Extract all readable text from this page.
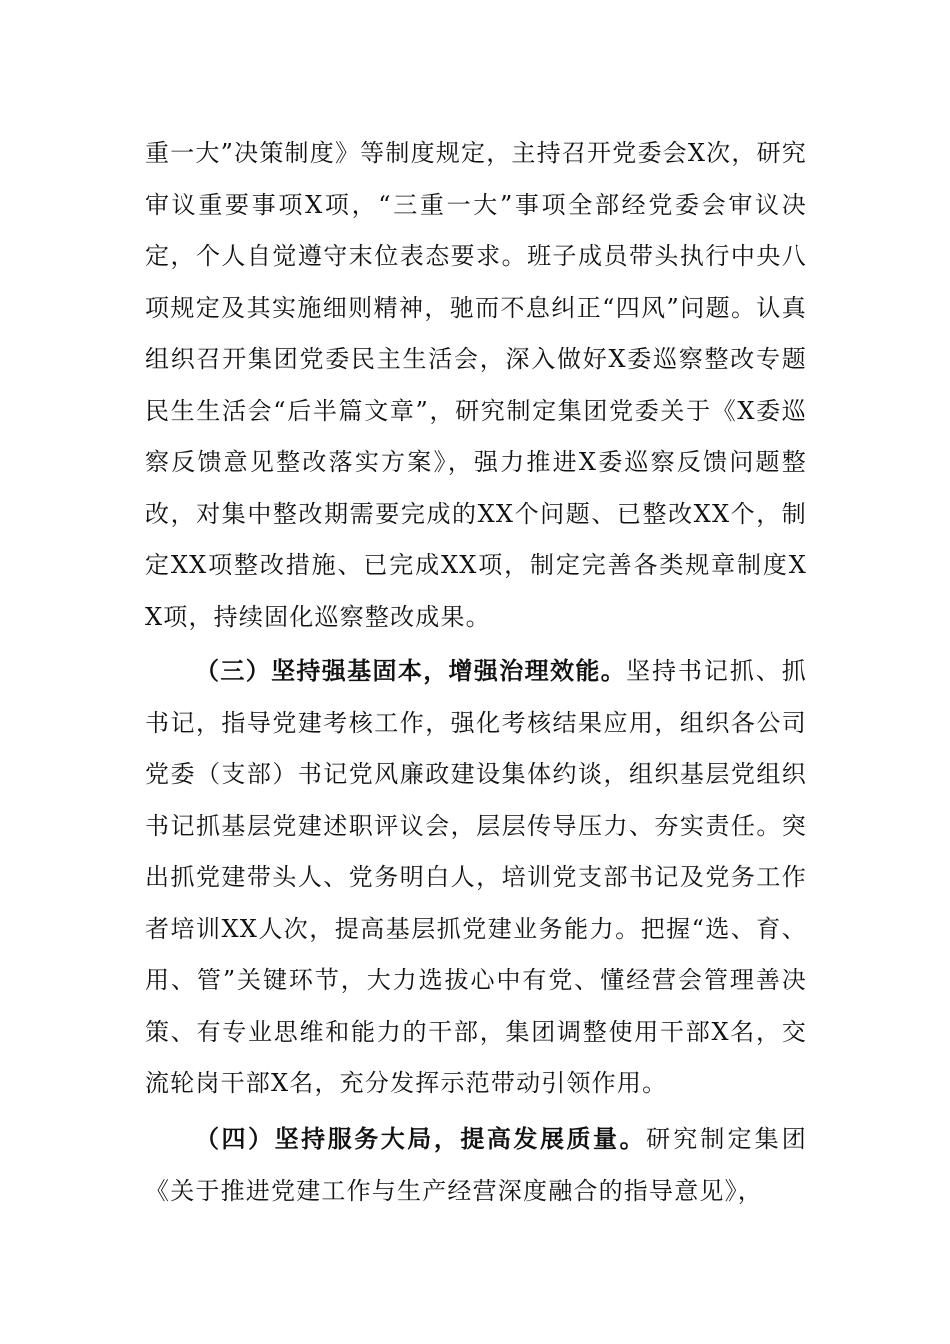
重一大”决策制度》等制度规定，主持召开党委会X次，研究审议重要事项X项，“三重一大”事项全部经党委会审议决定，个人自觉遵守末位表态要求。班子成员带头执行中央八项规定及其实施细则精神，驰而不息纠正“四风”问题。认真组织召开集团党委民主生活会，深入做好X委巡察整改专题民生生活会“后半篇文章”，研究制定集团党委关于《X委巡察反馈意见整改落实方案》，强力推进X委巡察反馈问题整改，对集中整改期需要完成的XX个问题、已整改XX个，制定XX项整改措施、已完成XX项，制定完善各类规章制度XX项，持续固化巡察整改成果。

（三）坚持强基固本，增强治理效能。坚持书记抓、抓书记，指导党建考核工作，强化考核结果应用，组织各公司党委（支部）书记党风廉政建设集体约谈，组织基层党组织书记抓基层党建述职评议会，层层传导压力、夯实责任。突出抓党建带头人、党务明白人，培训党支部书记及党务工作者培训XX人次，提高基层抓党建业务能力。把握“选、育、用、管”关键环节，大力选拔心中有党、懂经营会管理善决策、有专业思维和能力的干部，集团调整使用干部X名，交流轮岗干部X名，充分发挥示范带动引领作用。

（四）坚持服务大局，提高发展质量。研究制定集团《关于推进党建工作与生产经营深度融合的指导意见》，
